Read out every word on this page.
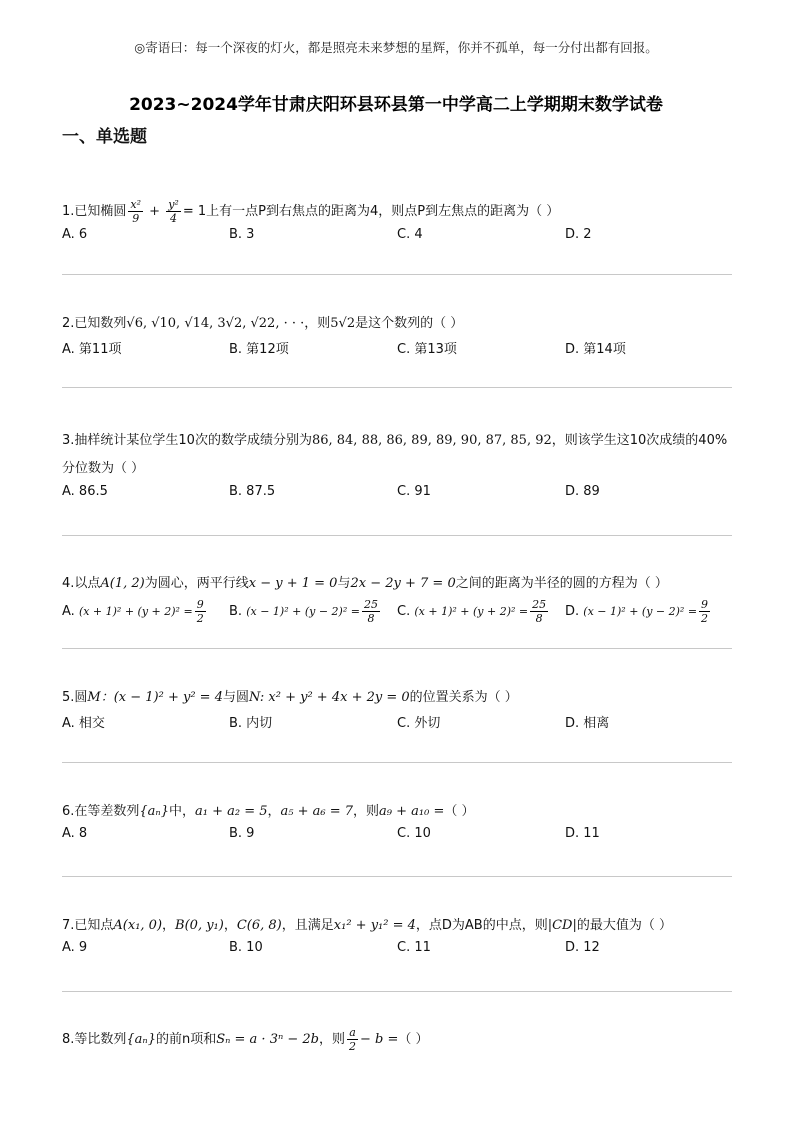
◎寄语曰：每一个深夜的灯火，都是照亮未来梦想的星辉，你并不孤单，每一分付出都有回报。
2023~2024学年甘肃庆阳环县环县第一中学高二上学期期末数学试卷
一、单选题
1.已知椭圆 $\frac{\text{x²}}{9} + \frac{\text{y²}}{4} = 1$上有一点P到右焦点的距离为4，则点P到左焦点的距离为（ ）
A. 6	B. 3	C. 4	D. 2
2.已知数列√6, √10, √14, 3√2, √22, · · ·，则5√2是这个数列的（ ）
A. 第11项	B. 第12项	C. 第13项	D. 第14项
3.抽样统计某位学生10次的数学成绩分别为86, 84, 88, 86, 89, 89, 90, 87, 85, 92，则该学生这10次成绩的40%
分位数为（ ）
A. 86.5	B. 87.5	C. 91	D. 89
4.以点A(1, 2)为圆心，两平行线x − y + 1 = 0与2x − 2y + 7 = 0之间的距离为半径的圆的方程为（ ）
A. $(x + 1)^2 + (y + 2)^2 = \frac{9}{2} B$. $(x - 1)^2 + (y - 2)^2 = \frac{25}{8} C$. $(x + 1)^2 + (y + 2)^2 = \frac{25}{8} D$. $(x - 1)^2 + (y - 2)^2 = \frac{9}{2}$
5.圆M：(x − 1)² + y² = 4与圆N: x² + y² + 4x + 2y = 0的位置关系为（ ）
A. 相交	B. 内切	C. 外切	D. 相离
6.在等差数列{aₙ}中，a₁ + a₂ = 5，a₅ + a₆ = 7，则a₉ + a₁₀ =（ ）
A. 8	B. 9	C. 10	D. 11
7.已知点A(x₁, 0)，B(0, y₁)，C(6, 8)，且满足x₁² + y₁² = 4，点D为AB的中点，则|CD|的最大值为（ ）
A. 9	B. 10	C. 11	D. 12
8.等比数列{aₙ}的前n项和Sₙ = a · 3ⁿ − 2b，则 $\frac{a}{2} - b$ =（ ）
